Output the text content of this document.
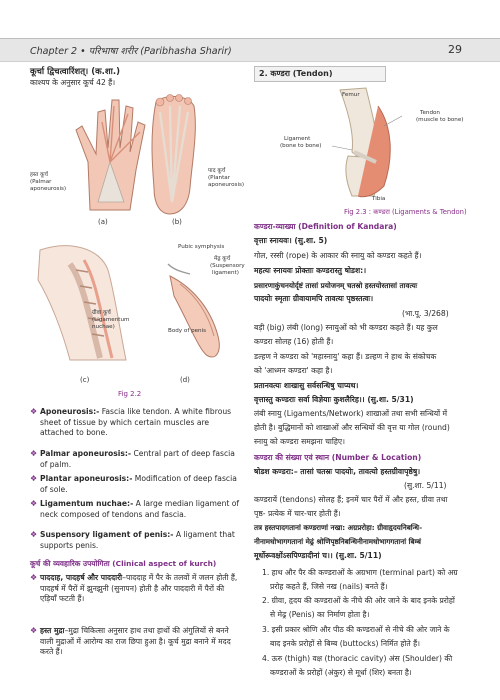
Chapter 2 • परिभाषा शरीर (Paribhasha Sharir)	29
कूर्चा द्विचत्वारिंशत्। (क.शा.)
काश्यप के अनुसार कूर्च 42 हैं।
हस्त कूर्च
(Palmar
aponeurosis)
(a)
पाद कूर्च
(Plantar
aponeurosis)
(b)
ग्रीवा कूर्च
(Ligamentum
nuchae)
(c)
Pubic symphysis
मेढ्र कूर्च
(Suspensory
ligament)
Body of penis
(d)
Fig 2.2
❖ Aponeurosis:- Fascia like tendon. A white fibrous sheet of tissue by which certain muscles are attached to bone.
❖ Palmar aponeurosis:- Central part of deep fascia of palm.
❖ Plantar aponeurosis:- Modification of deep fascia of sole.
❖ Ligamentum nuchae:- A large median ligament of neck composed of tendons and fascia.
❖ Suspensory ligament of penis:- A ligament that supports penis.
कूर्च की व्यवहारिक उपयोगिता (Clinical aspect of kurch)
❖ पाददाह, पादहर्ष और पाददारी–पाददाह में पैर के तलवों में जलन होती हैं, पादहर्ष में पैरों में झुनझुनी (सुनापन) होती है और पाददारी में पैरों की एड़ियाँ फटती हैं।
❖ हस्त मुद्रा–मुद्रा चिकित्सा अनुसार हाथ तथा हाथों की अंगुलियों से बनने वाली मुद्राओं में आरोग्य का राज छिपा हुआ है। कूर्च मुद्रा बनाने में मदद करते हैं।
2. कण्डरा (Tendon)
Femur
Tendon
(muscle to bone)
Ligament
(bone to bone)
Tibia
Fig 2.3 : कण्डरा (Ligaments & Tendon)
कण्डरा-व्याख्या (Definition of Kandara)
वृत्ताः स्नायवः। (सु.शा. 5)
गोल, रस्सी (rope) के आकार की स्नायु को कण्डरा कहते हैं।
महत्यः स्नायवः प्रोक्ताः कण्डरास्तु षोडश:।
प्रसारणाकुंचनयोर्दृष्टं तासां प्रयोजनम् चतस्रो हस्तयोस्तासां तावत्यः
पादयोः स्मृताः ग्रीवायामपि तावत्यः पृष्ठस्तत्वः।
(भा.पू. 3/268)
बड़ी (big) लंबी (long) स्नायुओं को भी कण्डरा कहते हैं। यह कुल
कण्डरा सोलह (16) होती हैं।
डल्हण ने कण्डरा को 'महास्नायु' कहा हैं। डल्हण ने हाथ के संकोचक
को 'आध्मन कण्डरा' कहा है।
प्रतानवत्यः शाखासु सर्वसन्धिषु चाप्यथ।
वृत्तास्तु कण्डराः सर्वा विज्ञेयाः कुशलैरिह।। (सु.शा. 5/31)
लंबी स्नायु (Ligaments/Network) शाखाओं तथा सभी सन्धियों में
होती है। बुद्धिमानों को शाखाओं और सन्धियों की वृत्त या गोल (round)
स्नायु को कण्डरा समझना चाहिए।
कण्डरा की संख्या एवं स्थान (Number & Location)
षोडश कण्डरा:– तासां चतस्रः पादयोः, तावत्यो हस्तग्रीवापृष्ठेषु।
(सु.शा. 5/11)
कण्डरायें (tendons) सोलह हैं; इनमें चार पैरों में और हस्त, ग्रीवा तथा
पृष्ठ- प्रत्येक में चार-चार होती हैं।
तत्र हस्तपादगतानां कण्डराणां नखा: अग्रप्ररोहा: ग्रीवाहृदयनिबन्धि-
नीनामधोभागगतानां मेढ्रं श्रोणिपृष्ठनिबन्धिनीनामधोभागगतानां बिम्बं
मूर्धोरूवक्षोंऽसपिण्डादीनां च।। (सु.शा. 5/11)
1. हाथ और पैर की कण्डराओं के अग्रभाग (terminal part) को अग्र
प्ररोह कहते हैं, जिसे नख (nails) बनते हैं।
2. ग्रीवा, हृदय की कण्डराओं के नीचे की ओर जाने के बाद इनके प्ररोहों
से मेढ्र (Penis) का निर्माण होता है।
3. इसी प्रकार श्रोणि और पीठ की कण्डराओं से नीचे की ओर जाने के
बाद इनके प्ररोहों से बिम्ब (buttocks) निर्मित होते हैं।
4. ऊरु (thigh) वक्ष (thoracic cavity) अंस (Shoulder) की
कण्डराओं के प्ररोहों (अंकुर) से मूर्धा (शिर) बनता है।
